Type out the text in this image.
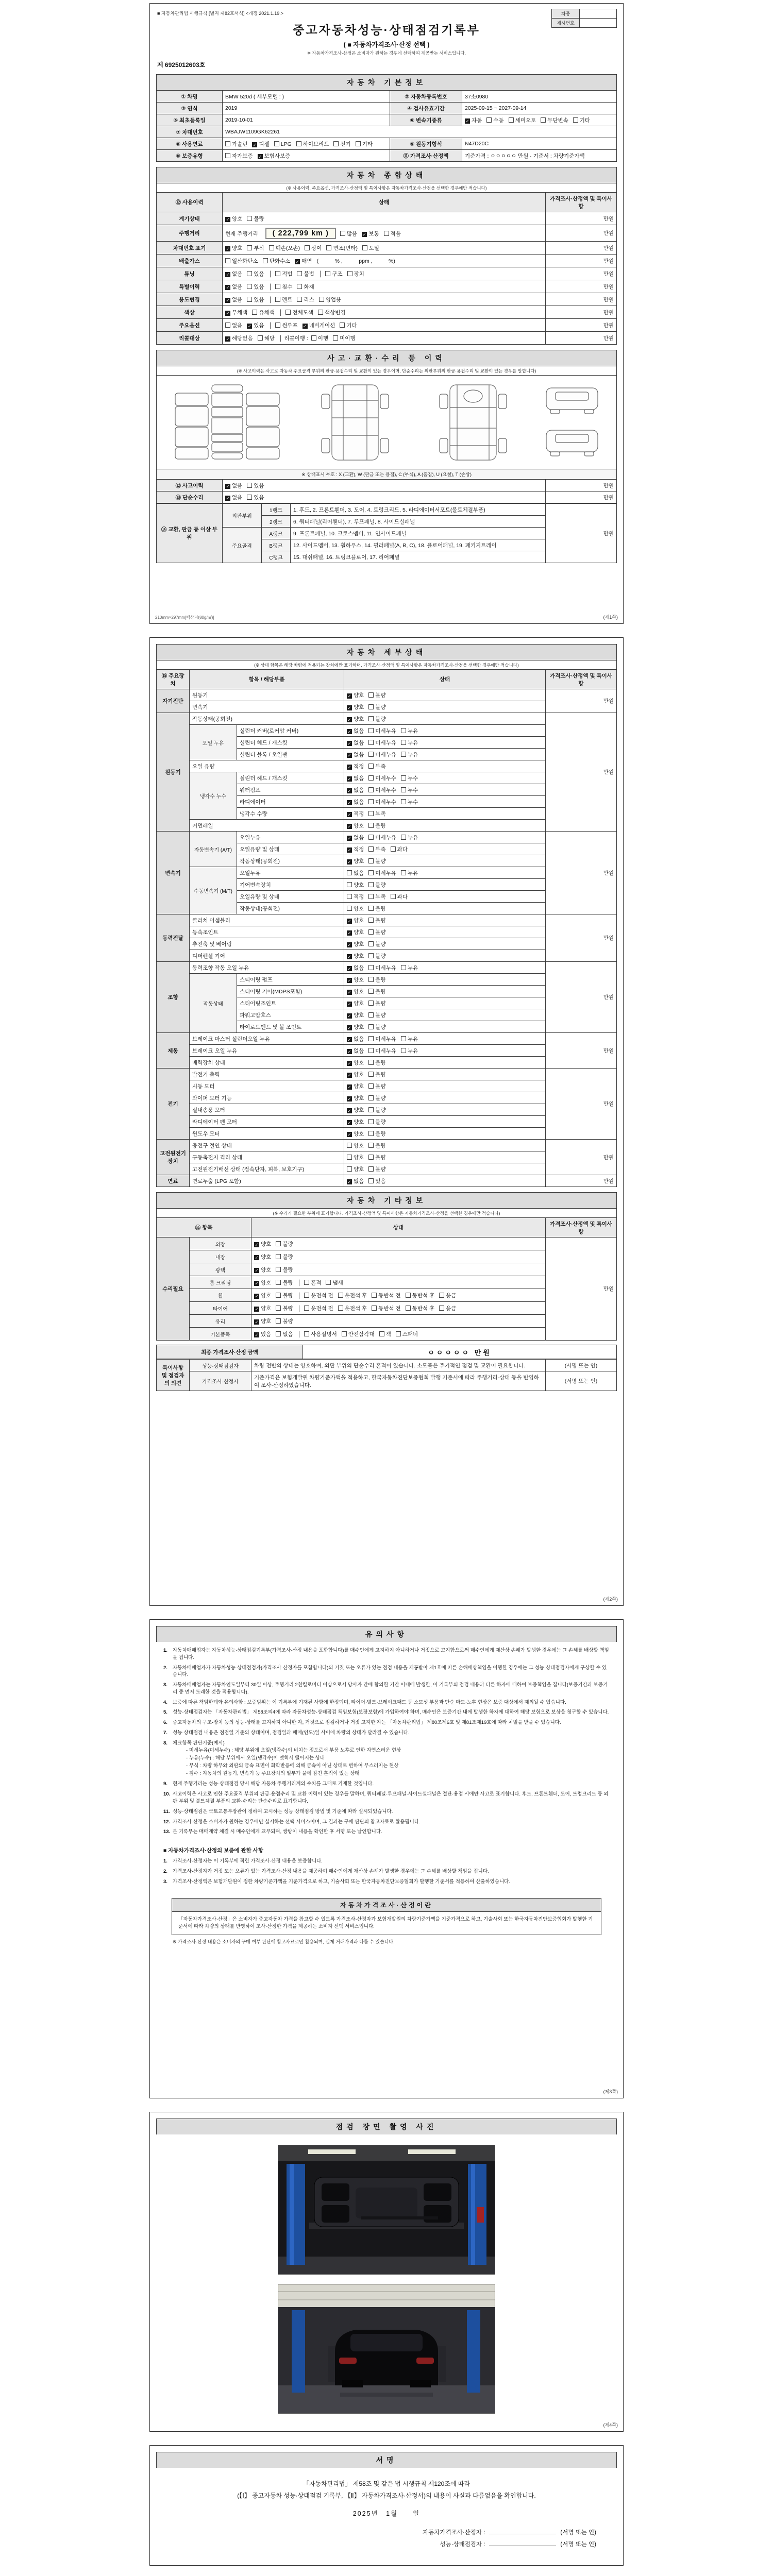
■ 자동차관리법 시행규칙 [별지 제82호서식] <개정 2021.1.19.>	차종	
제시번호	
중고자동차성능·상태점검기록부
( ■ 자동차가격조사·산정 선택 )
※ 자동차가격조사·산정은 소비자가 원하는 경우에 선택하여 제공받는 서비스입니다.
제 6925012603호
자동차 기본정보
① 차명	BMW 520d ( 세부모델 : )	② 자동차등록번호	37소0980
③ 연식	2019	④ 검사유효기간	2025-09-15 ~ 2027-09-14
⑤ 최초등록일	2019-10-01	⑥ 변속기종류	✓ 자동 수동 세미오토 무단변속 기타
⑦ 차대번호	WBAJW1109GK62261		
⑧ 사용연료	가솔린 ✓ 디젤 LPG 하이브리드 전기 기타	⑨ 원동기형식	N47D20C
⑩ 보증유형	자가보증 ✓ 보험사보증	⑪ 가격조사·산정액	기준가격 : ㅇㅇㅇㅇㅇ 만원 · 기준서 : 차량기준가액
자동차 종합상태
(※ 사용이력, 주요옵션, 가격조사·산정액 및 특이사항은 자동차가격조사·산정을 선택한 경우에만 적습니다)
⑫ 사용이력	상태	가격조사·산정액 및 특이사항
계기상태	✓ 양호 불량	만원
주행거리	현재 주행거리 ( 222,799 km ) 많음 ✓ 보통 적음	만원
차대번호 표기	✓ 양호 부식 훼손(오손) 상이 변조(변타) 도말	만원
배출가스	일산화탄소 탄화수소 ✓ 매연 (　　　% ,　　　ppm ,　　　%)	만원
튜닝	✓ 없음 있음 │ 적법 불법 │ 구조 장치	만원
특별이력	✓ 없음 있음 │ 침수 화재	만원
용도변경	✓ 없음 있음 │ 렌트 리스 영업용	만원
색상	✓ 무채색 유채색 │ 전체도색 색상변경	만원
주요옵션	없음 ✓ 있음 │ 썬루프 ✓ 네비게이션 기타	만원
리콜대상	✓ 해당없음 해당 │ 리콜이행 : 이행 미이행	만원
사고·교환·수리 등 이력
(※ 사고이력은 사고로 자동차 주요골격 부위의 판금·용접수리 및 교환이 있는 경우이며, 단순수리는 외판부위의 판금·용접수리 및 교환이 있는 경우를 말합니다)
※ 상태표시 부호 : X (교환), W (판금 또는 용접), C (부식), A (흠집), U (요철), T (손상)
⑫ 사고이력	✓ 없음 있음	만원
⑬ 단순수리	✓ 없음 있음	만원
⑭ 교환, 판금 등 이상 부위	외판부위	1랭크	1. 후드, 2. 프론트휀더, 3. 도어, 4. 트렁크리드, 5. 라디에이터서포트(볼트체결부품)	만원
		2랭크	6. 쿼터패널(리어휀더), 7. 루프패널, 8. 사이드실패널	
	주요골격	A랭크	9. 프론트패널, 10. 크로스멤버, 11. 인사이드패널	
		B랭크	12. 사이드멤버, 13. 휠하우스, 14. 필러패널(A, B, C), 18. 플로어패널, 19. 패키지트레이	
		C랭크	15. 대쉬패널, 16. 트렁크플로어, 17. 리어패널	
210mm×297mm[백상지(80g/㎡)]	(제1쪽)
자동차 세부상태
(※ 상태 항목은 해당 차량에 적용되는 장치에만 표기하며, 가격조사·산정액 및 특이사항은 자동차가격조사·산정을 선택한 경우에만 적습니다)
⑮ 주요장치	항목 / 해당부품		상태	가격조사·산정액 및 특이사항
자기진단	원동기		✓ 양호 불량	만원
	변속기		✓ 양호 불량	
원동기	작동상태(공회전)		✓ 양호 불량	만원
	오일 누유	실린더 커버(로커암 커버)	✓ 없음 미세누유 누유	
		실린더 헤드 / 개스킷	✓ 없음 미세누유 누유	
		실린더 블록 / 오일팬	✓ 없음 미세누유 누유	
	오일 유량		✓ 적정 부족	
	냉각수 누수	실린더 헤드 / 개스킷	✓ 없음 미세누수 누수	
		워터펌프	✓ 없음 미세누수 누수	
		라디에이터	✓ 없음 미세누수 누수	
		냉각수 수량	✓ 적정 부족	
	커먼레일		✓ 양호 불량	
변속기	자동변속기 (A/T)	오일누유	✓ 없음 미세누유 누유	만원
		오일유량 및 상태	✓ 적정 부족 과다	
		작동상태(공회전)	✓ 양호 불량	
	수동변속기 (M/T)	오일누유	없음 미세누유 누유	
		기어변속장치	양호 불량	
		오일유량 및 상태	적정 부족 과다	
		작동상태(공회전)	양호 불량	
동력전달	클러치 어셈블리		✓ 양호 불량	만원
	등속조인트		✓ 양호 불량	
	추진축 및 베어링		✓ 양호 불량	
	디퍼렌셜 기어		✓ 양호 불량	
조향	동력조향 작동 오일 누유		✓ 없음 미세누유 누유	만원
	작동상태	스티어링 펌프	✓ 양호 불량	
		스티어링 기어(MDPS포함)	✓ 양호 불량	
		스티어링조인트	✓ 양호 불량	
		파워고압호스	✓ 양호 불량	
		타이로드엔드 및 볼 조인트	✓ 양호 불량	
제동	브레이크 마스터 실린더오일 누유		✓ 없음 미세누유 누유	만원
	브레이크 오일 누유		✓ 없음 미세누유 누유	
	배력장치 상태		✓ 양호 불량	
전기	발전기 출력		✓ 양호 불량	만원
	시동 모터		✓ 양호 불량	
	와이퍼 모터 기능		✓ 양호 불량	
	실내송풍 모터		✓ 양호 불량	
	라디에이터 팬 모터		✓ 양호 불량	
	윈도우 모터		✓ 양호 불량	
고전원전기장치	충전구 절연 상태		양호 불량	만원
	구동축전지 격리 상태		양호 불량	
	고전원전기배선 상태 (접속단자, 피복, 보호기구)		양호 불량	
연료	연료누출 (LPG 포함)		✓ 없음 있음	만원
자동차 기타정보
(※ 수리가 필요한 부위에 표기합니다. 가격조사·산정액 및 특이사항은 자동차가격조사·산정을 선택한 경우에만 적습니다)
⑯ 항목		상태	가격조사·산정액 및 특이사항
수리필요	외장	✓ 양호 불량	만원
	내장	✓ 양호 불량	

	광택	✓ 양호 불량	

	룸 크리닝	✓ 양호 불량 │ 흔적 냄새	

	휠	✓ 양호 불량 │ 운전석 전 운전석 후 동반석 전 동반석 후 응급	

	타이어	✓ 양호 불량 │ 운전석 전 운전석 후 동반석 전 동반석 후 응급	

	유리	✓ 양호 불량	

	기본품목	✓ 있음 없음 │ 사용설명서 안전삼각대 잭 스패너	
최종 가격조사·산정 금액	ㅇㅇㅇㅇㅇ 만원
특이사항 및 점검자의 의견	성능·상태점검자	차량 전반의 상태는 양호하며, 외판 부위의 단순수리 흔적이 있습니다. 소모품은 주기적인 점검 및 교환이 필요합니다.	(서명 또는 인)
	가격조사·산정자	기준가격은 보험개발원 차량기준가액을 적용하고, 한국자동차진단보증협회 발행 기준서에 따라 주행거리·상태 등을 반영하여 조사·산정하였습니다.	(서명 또는 인)
(제2쪽)
유의사항
1.	자동차매매업자는 자동차성능·상태점검기록부(가격조사·산정 내용을 포함합니다)를 매수인에게 고지하지 아니하거나 거짓으로 고지함으로써 매수인에게 재산상 손해가 발생한 경우에는 그 손해를 배상할 책임을 집니다.
2.	자동차매매업자가 자동차성능·상태점검자(가격조사·산정자를 포함합니다)의 거짓 또는 오류가 있는 점검 내용을 제공받아 제1호에 따른 손해배상책임을 이행한 경우에는 그 성능·상태점검자에게 구상할 수 있습니다.
3.	자동차매매업자는 자동차인도일부터 30일 이상, 주행거리 2천킬로미터 이상으로서 당사자 간에 합의한 기간 이내에 발생한, 이 기록부의 점검 내용과 다른 하자에 대하여 보증책임을 집니다(보증기간과 보증거리 중 먼저 도래한 것을 적용합니다).
4.	보증에 따른 책임한계와 유의사항 : 보증범위는 이 기록부에 기재된 사항에 한정되며, 타이어·벨트·브레이크패드 등 소모성 부품과 단순 마모·노후 현상은 보증 대상에서 제외될 수 있습니다.
5.	성능·상태점검자는 「자동차관리법」 제58조의4에 따라 자동차성능·상태점검 책임보험(보장보험)에 가입하여야 하며, 매수인은 보증기간 내에 발생한 하자에 대하여 해당 보험으로 보상을 청구할 수 있습니다.
6.	중고자동차의 구조·장치 등의 성능·상태를 고지하지 아니한 자, 거짓으로 점검하거나 거짓 고지한 자는 「자동차관리법」 제80조제6호 및 제81조제19호에 따라 처벌을 받을 수 있습니다.
7.	성능·상태점검 내용은 점검일 기준의 상태이며, 점검일과 매매(인도)일 사이에 차량의 상태가 달라질 수 있습니다.
8.	체크항목 판단기준(예시)
- 미세누유(미세누수) : 해당 부위에 오일(냉각수)이 비치는 정도로서 부품 노후로 인한 자연스러운 현상
- 누유(누수) : 해당 부위에서 오일(냉각수)이 맺혀서 떨어지는 상태
- 부식 : 차량 하부와 외판의 금속 표면이 화학반응에 의해 금속이 아닌 상태로 변하여 부스러지는 현상
- 침수 : 자동차의 원동기, 변속기 등 주요장치의 일부가 물에 잠긴 흔적이 있는 상태
9.	현재 주행거리는 성능·상태점검 당시 해당 자동차 주행거리계의 수치를 그대로 기재한 것입니다.
10. 사고이력은 사고로 인한 주요골격 부위의 판금·용접수리 및 교환 이력이 있는 경우를 말하며, 쿼터패널·루프패널·사이드실패널은 절단·용접 시에만 사고로 표기합니다. 후드, 프론트휀더, 도어, 트렁크리드 등 외판 부위 및 볼트체결 부품의 교환·수리는 단순수리로 표기합니다.
11. 성능·상태점검은 국토교통부장관이 정하여 고시하는 성능·상태점검 방법 및 기준에 따라 실시되었습니다.
12. 가격조사·산정은 소비자가 원하는 경우에만 실시하는 선택 서비스이며, 그 결과는 구매 판단의 참고자료로 활용됩니다.
13. 본 기록부는 매매계약 체결 시 매수인에게 교부되며, 쌍방이 내용을 확인한 후 서명 또는 날인합니다.
■ 자동차가격조사·산정의 보증에 관한 사항
1.	가격조사·산정자는 이 기록부에 적힌 가격조사·산정 내용을 보증합니다.
2.	가격조사·산정자가 거짓 또는 오류가 있는 가격조사·산정 내용을 제공하여 매수인에게 재산상 손해가 발생한 경우에는 그 손해를 배상할 책임을 집니다.
3.	가격조사·산정액은 보험개발원이 정한 차량기준가액을 기준가격으로 하고, 기술사회 또는 한국자동차진단보증협회가 발행한 기준서를 적용하여 산출하였습니다.
자동차가격조사·산정이란
「자동차가격조사·산정」은 소비자가 중고자동차 가격을 참고할 수 있도록 가격조사·산정자가 보험개발원의 차량기준가액을 기준가격으로 하고, 기술사회 또는 한국자동차진단보증협회가 발행한 기준서에 따라 차량의 상태를 반영하여 조사·산정한 가격을 제공하는 소비자 선택 서비스입니다.
※ 가격조사·산정 내용은 소비자의 구매 여부 판단에 참고자료로만 활용되며, 실제 거래가격과 다를 수 있습니다.
(제3쪽)
점검 장면 촬영 사진
(제4쪽)
서명
「자동차관리법」 제58조 및 같은 법 시행규칙 제120조에 따라
(【Ⅰ】 중고자동차 성능·상태점검 기록부, 【Ⅱ】 자동차가격조사·산정서)의 내용이 사실과 다름없음을 확인합니다.
2025년　1월　　일
자동차가격조사·산정자 :	(서명 또는 인)
성능·상태점검자 :	(서명 또는 인)
